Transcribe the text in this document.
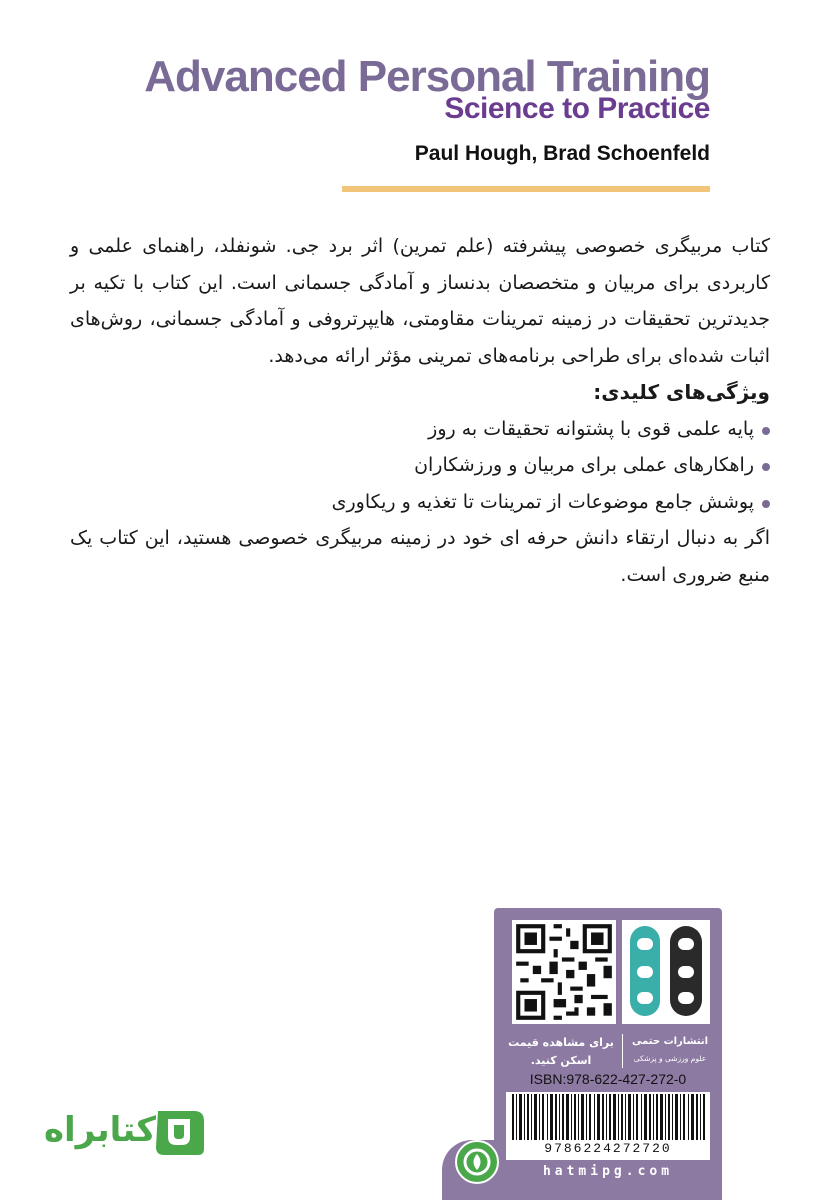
Advanced Personal Training
Science to Practice
Paul Hough, Brad Schoenfeld

کتاب مربیگری خصوصی پیشرفته (علم تمرین) اثر برد جی. شونفلد، راهنمای علمی و کاربردی برای مربیان و متخصصان بدنساز و آمادگی جسمانی است. این کتاب با تکیه بر جدیدترین تحقیقات در زمینه تمرینات مقاومتی، هایپرتروفی و آمادگی جسمانی، روش‌های اثبات شده‌ای برای طراحی برنامه‌های تمرینی مؤثر ارائه می‌دهد.

ویژگی‌های کلیدی:

پایه علمی قوی با پشتوانه تحقیقات به روز
راهکارهای عملی برای مربیان و ورزشکاران
پوشش جامع موضوعات از تمرینات تا تغذیه و ریکاوری

اگر به دنبال ارتقاء دانش حرفه ای خود در زمینه مربیگری خصوصی هستید، این کتاب یک منبع ضروری است.

برای مشاهده قیمت
اسکن کنید.
انتشارات حتمی
علوم ورزشی و پزشکی
ISBN:978-622-427-272-0
9786224272720
hatmipg.com
کتابراه
